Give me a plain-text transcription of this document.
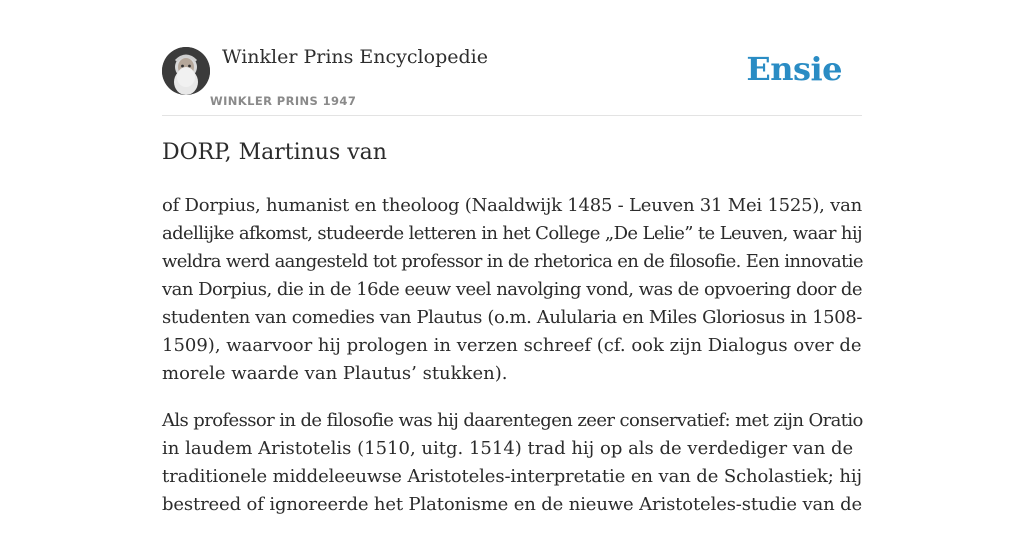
Winkler Prins Encyclopedie
WINKLER PRINS 1947
Ensie
DORP, Martinus van

of Dorpius, humanist en theoloog (Naaldwijk 1485 - Leuven 31 Mei 1525), van
adellijke afkomst, studeerde letteren in het College „De Lelie” te Leuven, waar hij
weldra werd aangesteld tot professor in de rhetorica en de filosofie. Een innovatie
van Dorpius, die in de 16de eeuw veel navolging vond, was de opvoering door de
studenten van comedies van Plautus (o.m. Aulularia en Miles Gloriosus in 1508-
1509), waarvoor hij prologen in verzen schreef (cf. ook zijn Dialogus over de
morele waarde van Plautus’ stukken).

Als professor in de filosofie was hij daarentegen zeer conservatief: met zijn Oratio
in laudem Aristotelis (1510, uitg. 1514) trad hij op als de verdediger van de
traditionele middeleeuwse Aristoteles-interpretatie en van de Scholastiek; hij
bestreed of ignoreerde het Platonisme en de nieuwe Aristoteles-studie van de
